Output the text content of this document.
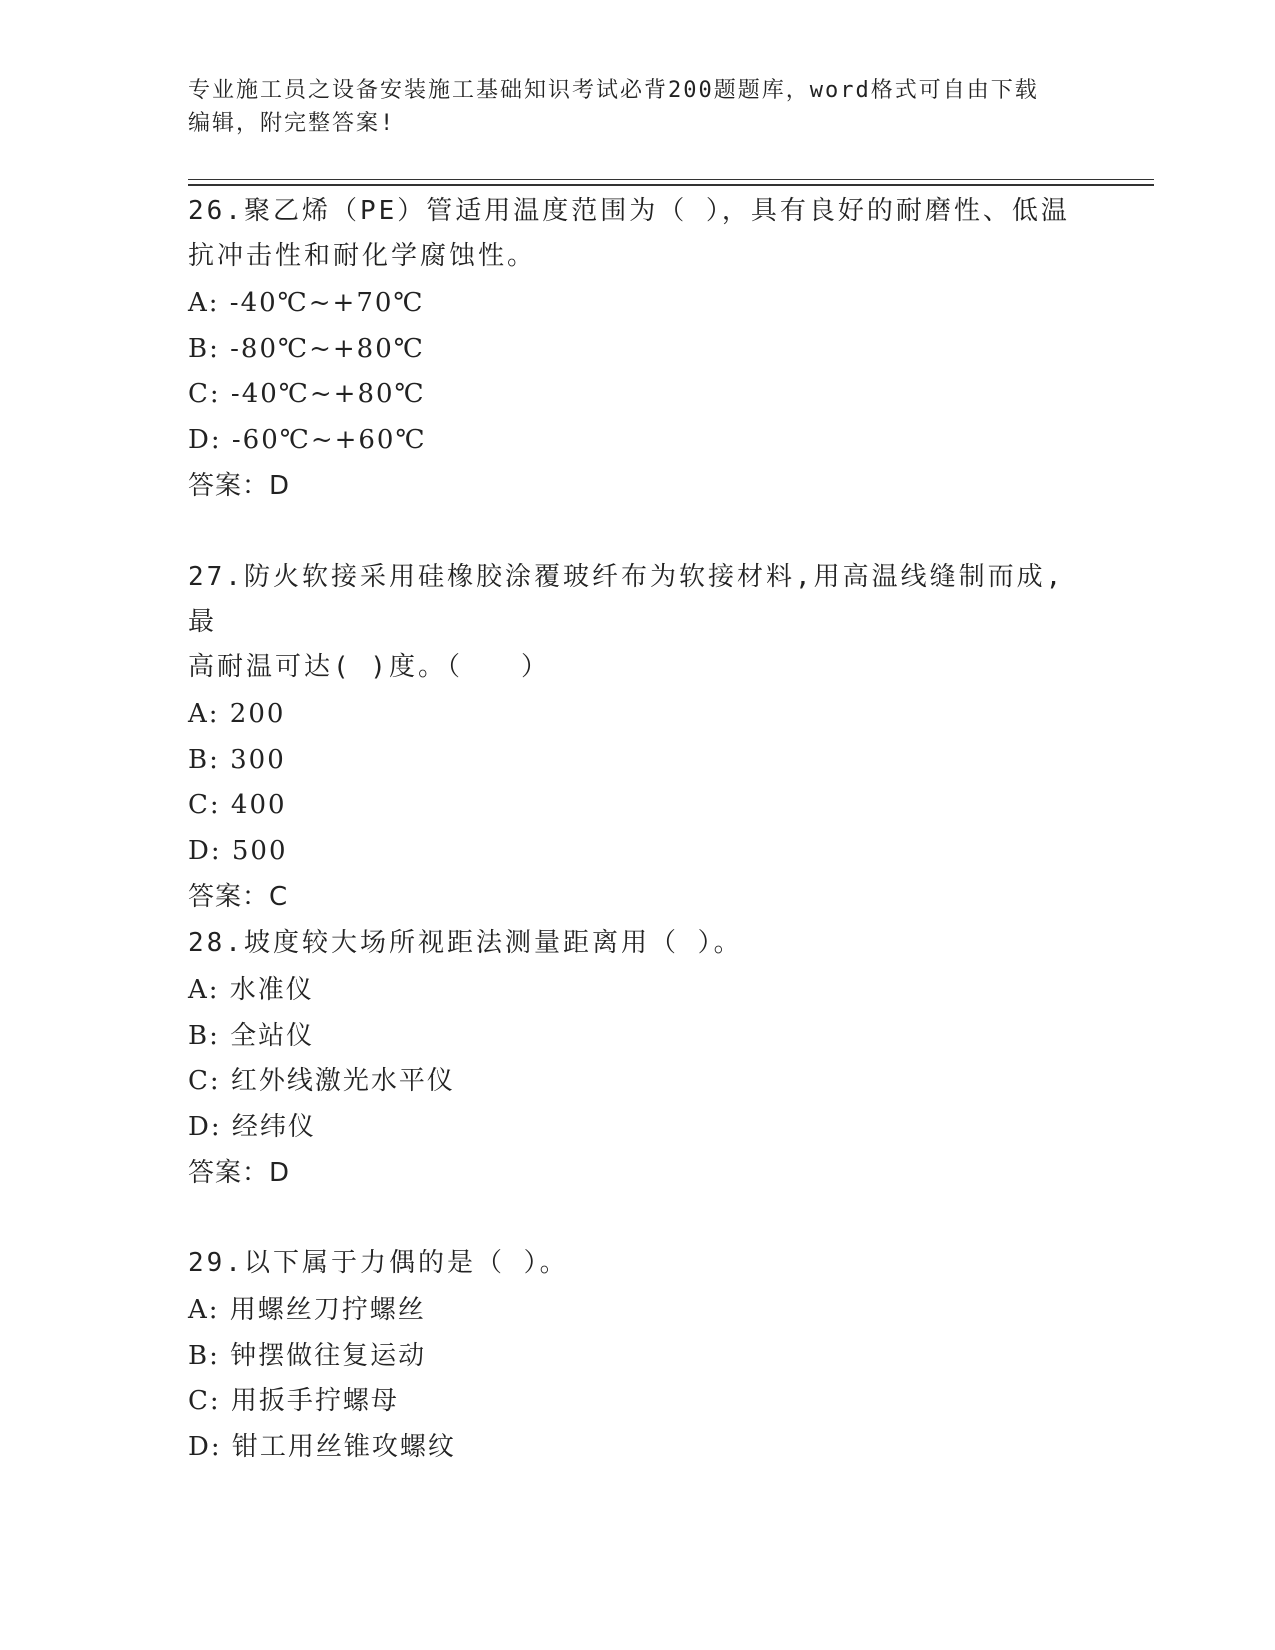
专业施工员之设备安装施工基础知识考试必背200题题库，word格式可自由下载
编辑，附完整答案!
26.聚乙烯（PE）管适用温度范围为（ ），具有良好的耐磨性、低温
抗冲击性和耐化学腐蚀性。
A: -40℃~+70℃
B: -80℃~+80℃
C: -40℃~+80℃
D: -60℃~+60℃
答案：D
27.防火软接采用硅橡胶涂覆玻纤布为软接材料,用高温线缝制而成,最
高耐温可达( )度。（　　）
A: 200
B: 300
C: 400
D: 500
答案：C
28.坡度较大场所视距法测量距离用（ ）。
A: 水准仪
B: 全站仪
C: 红外线激光水平仪
D: 经纬仪
答案：D
29.以下属于力偶的是（ ）。
A: 用螺丝刀拧螺丝
B: 钟摆做往复运动
C: 用扳手拧螺母
D: 钳工用丝锥攻螺纹
